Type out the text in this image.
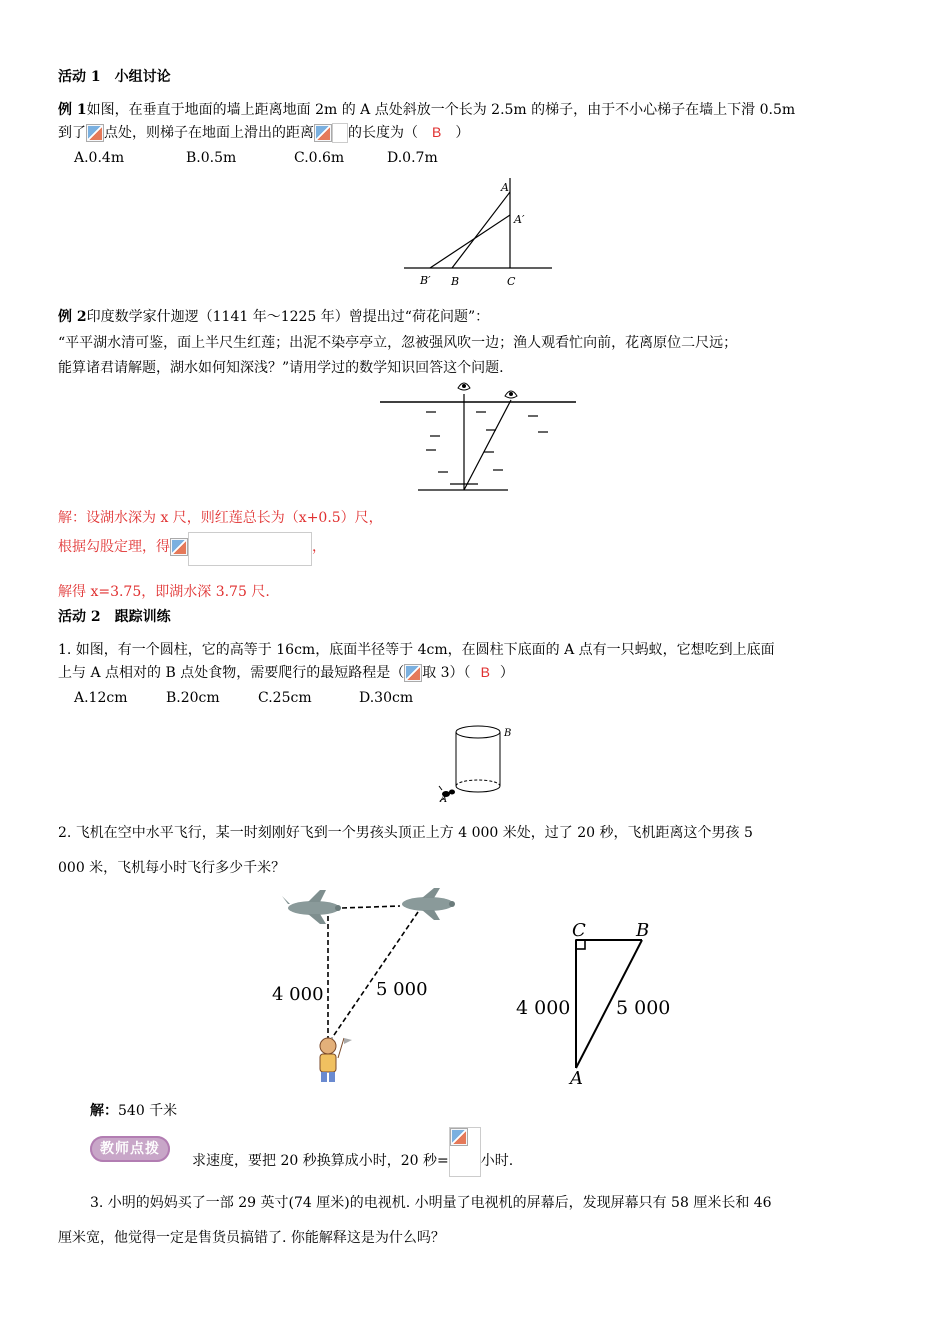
活动 1　小组讨论
例 1如图，在垂直于地面的墙上距离地面 2m 的 A 点处斜放一个长为 2.5m 的梯子，由于不小心梯子在墙上下滑 0.5m
到了 点处，则梯子在地面上滑出的距离 的长度为（ B ）
A.0.4m	B.0.5m	C.0.6m	D.0.7m
A
A′
B′ B	C
例 2印度数学家什迦逻（1141 年～1225 年）曾提出过“荷花问题”：
“平平湖水清可鉴，面上半尺生红莲；出泥不染亭亭立，忽被强风吹一边；渔人观看忙向前，花离原位二尺远；
能算诸君请解题，湖水如何知深浅？”请用学过的数学知识回答这个问题.
解：设湖水深为 x 尺，则红莲总长为（x+0.5）尺，
根据勾股定理，得	，
解得 x=3.75，即湖水深 3.75 尺.
活动 2　跟踪训练
1. 如图，有一个圆柱，它的高等于 16cm，底面半径等于 4cm，在圆柱下底面的 A 点有一只蚂蚁，它想吃到上底面
上与 A 点相对的 B 点处食物，需要爬行的最短路程是（ 取 3）（ B ）
A.12cm	B.20cm	C.25cm	D.30cm
B
A
2. 飞机在空中水平飞行，某一时刻刚好飞到一个男孩头顶正上方 4 000 米处，过了 20 秒，飞机距离这个男孩 5
000 米，飞机每小时飞行多少千米？
4 000	5 000
C	B
A
4 000 5 000
解：540 千米
教师点拨
求速度，要把 20 秒换算成小时，20 秒= 小时.
3. 小明的妈妈买了一部 29 英寸(74 厘米)的电视机. 小明量了电视机的屏幕后，发现屏幕只有 58 厘米长和 46
厘米宽，他觉得一定是售货员搞错了. 你能解释这是为什么吗？
